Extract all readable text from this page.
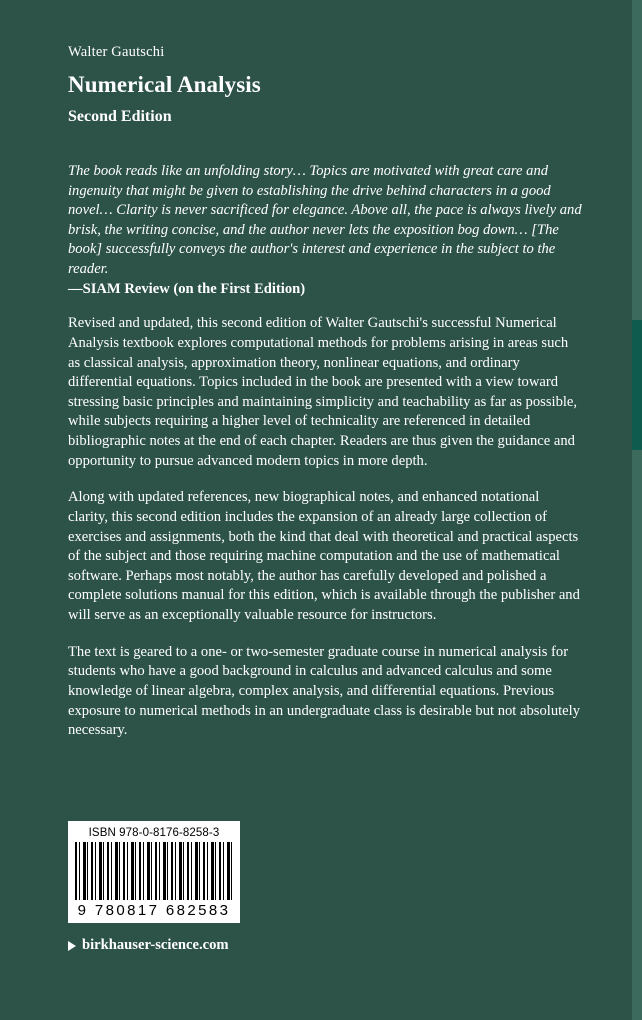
Walter Gautschi
Numerical Analysis
Second Edition
The book reads like an unfolding story… Topics are motivated with great care and ingenuity that might be given to establishing the drive behind characters in a good novel… Clarity is never sacrificed for elegance. Above all, the pace is always lively and brisk, the writing concise, and the author never lets the exposition bog down… [The book] successfully conveys the author's interest and experience in the subject to the reader.
—SIAM Review (on the First Edition)

Revised and updated, this second edition of Walter Gautschi's successful Numerical Analysis textbook explores computational methods for problems arising in areas such as classical analysis, approximation theory, nonlinear equations, and ordinary differential equations. Topics included in the book are presented with a view toward stressing basic principles and maintaining simplicity and teachability as far as possible, while subjects requiring a higher level of technicality are referenced in detailed bibliographic notes at the end of each chapter. Readers are thus given the guidance and opportunity to pursue advanced modern topics in more depth.

Along with updated references, new biographical notes, and enhanced notational clarity, this second edition includes the expansion of an already large collection of exercises and assignments, both the kind that deal with theoretical and practical aspects of the subject and those requiring machine computation and the use of mathematical software. Perhaps most notably, the author has carefully developed and polished a complete solutions manual for this edition, which is available through the publisher and will serve as an exceptionally valuable resource for instructors.

The text is geared to a one- or two-semester graduate course in numerical analysis for students who have a good background in calculus and advanced calculus and some knowledge of linear algebra, complex analysis, and differential equations. Previous exposure to numerical methods in an undergraduate class is desirable but not absolutely necessary.

ISBN 978-0-8176-8258-3
9 780817 682583
birkhauser-science.com
